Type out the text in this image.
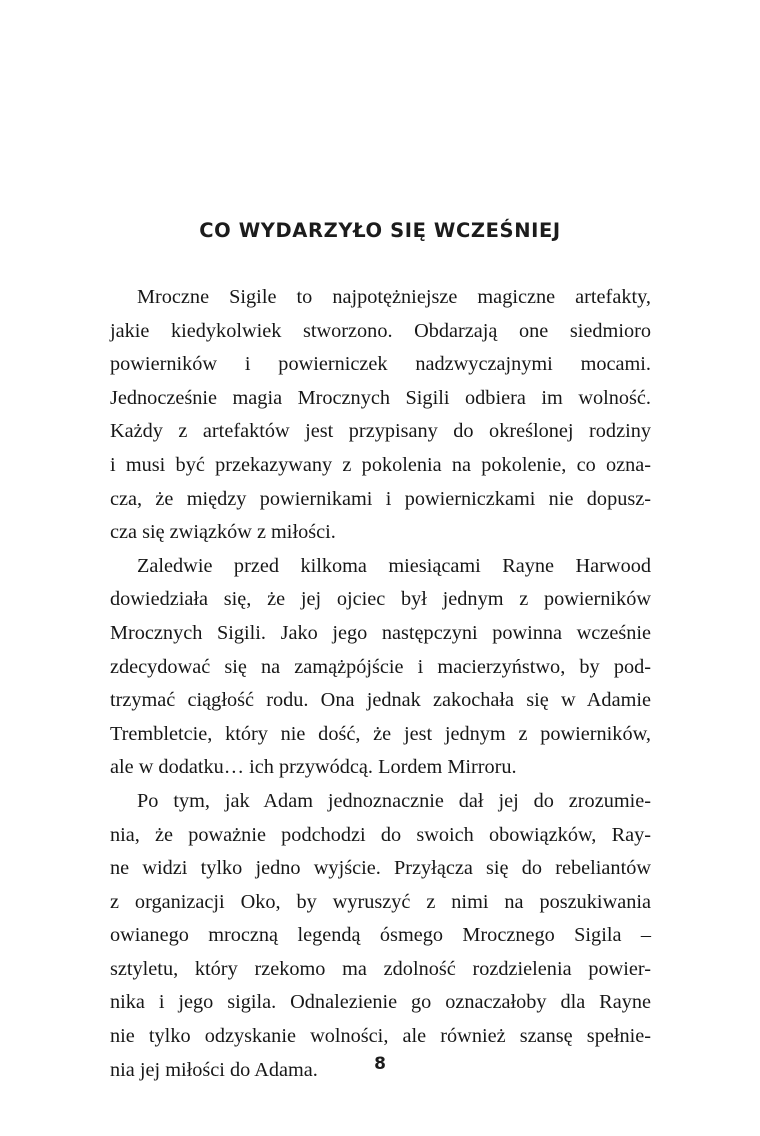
CO WYDARZYŁO SIĘ WCZEŚNIEJ

Mroczne Sigile to najpotężniejsze magiczne artefakty,
jakie kiedykolwiek stworzono. Obdarzają one siedmioro
powierników i powierniczek nadzwyczajnymi mocami.
Jednocześnie magia Mrocznych Sigili odbiera im wolność.
Każdy z artefaktów jest przypisany do określonej rodziny
i musi być przekazywany z pokolenia na pokolenie, co ozna-
cza, że między powiernikami i powierniczkami nie dopusz-
cza się związków z miłości.

Zaledwie przed kilkoma miesiącami Rayne Harwood
dowiedziała się, że jej ojciec był jednym z powierników
Mrocznych Sigili. Jako jego następczyni powinna wcześnie
zdecydować się na zamążpójście i macierzyństwo, by pod-
trzymać ciągłość rodu. Ona jednak zakochała się w Adamie
Trembletcie, który nie dość, że jest jednym z powierników,
ale w dodatku… ich przywódcą. Lordem Mirroru.

Po tym, jak Adam jednoznacznie dał jej do zrozumie-
nia, że poważnie podchodzi do swoich obowiązków, Ray-
ne widzi tylko jedno wyjście. Przyłącza się do rebeliantów
z organizacji Oko, by wyruszyć z nimi na poszukiwania
owianego mroczną legendą ósmego Mrocznego Sigila –
sztyletu, który rzekomo ma zdolność rozdzielenia powier-
nika i jego sigila. Odnalezienie go oznaczałoby dla Rayne
nie tylko odzyskanie wolności, ale również szansę spełnie-
nia jej miłości do Adama.	8
